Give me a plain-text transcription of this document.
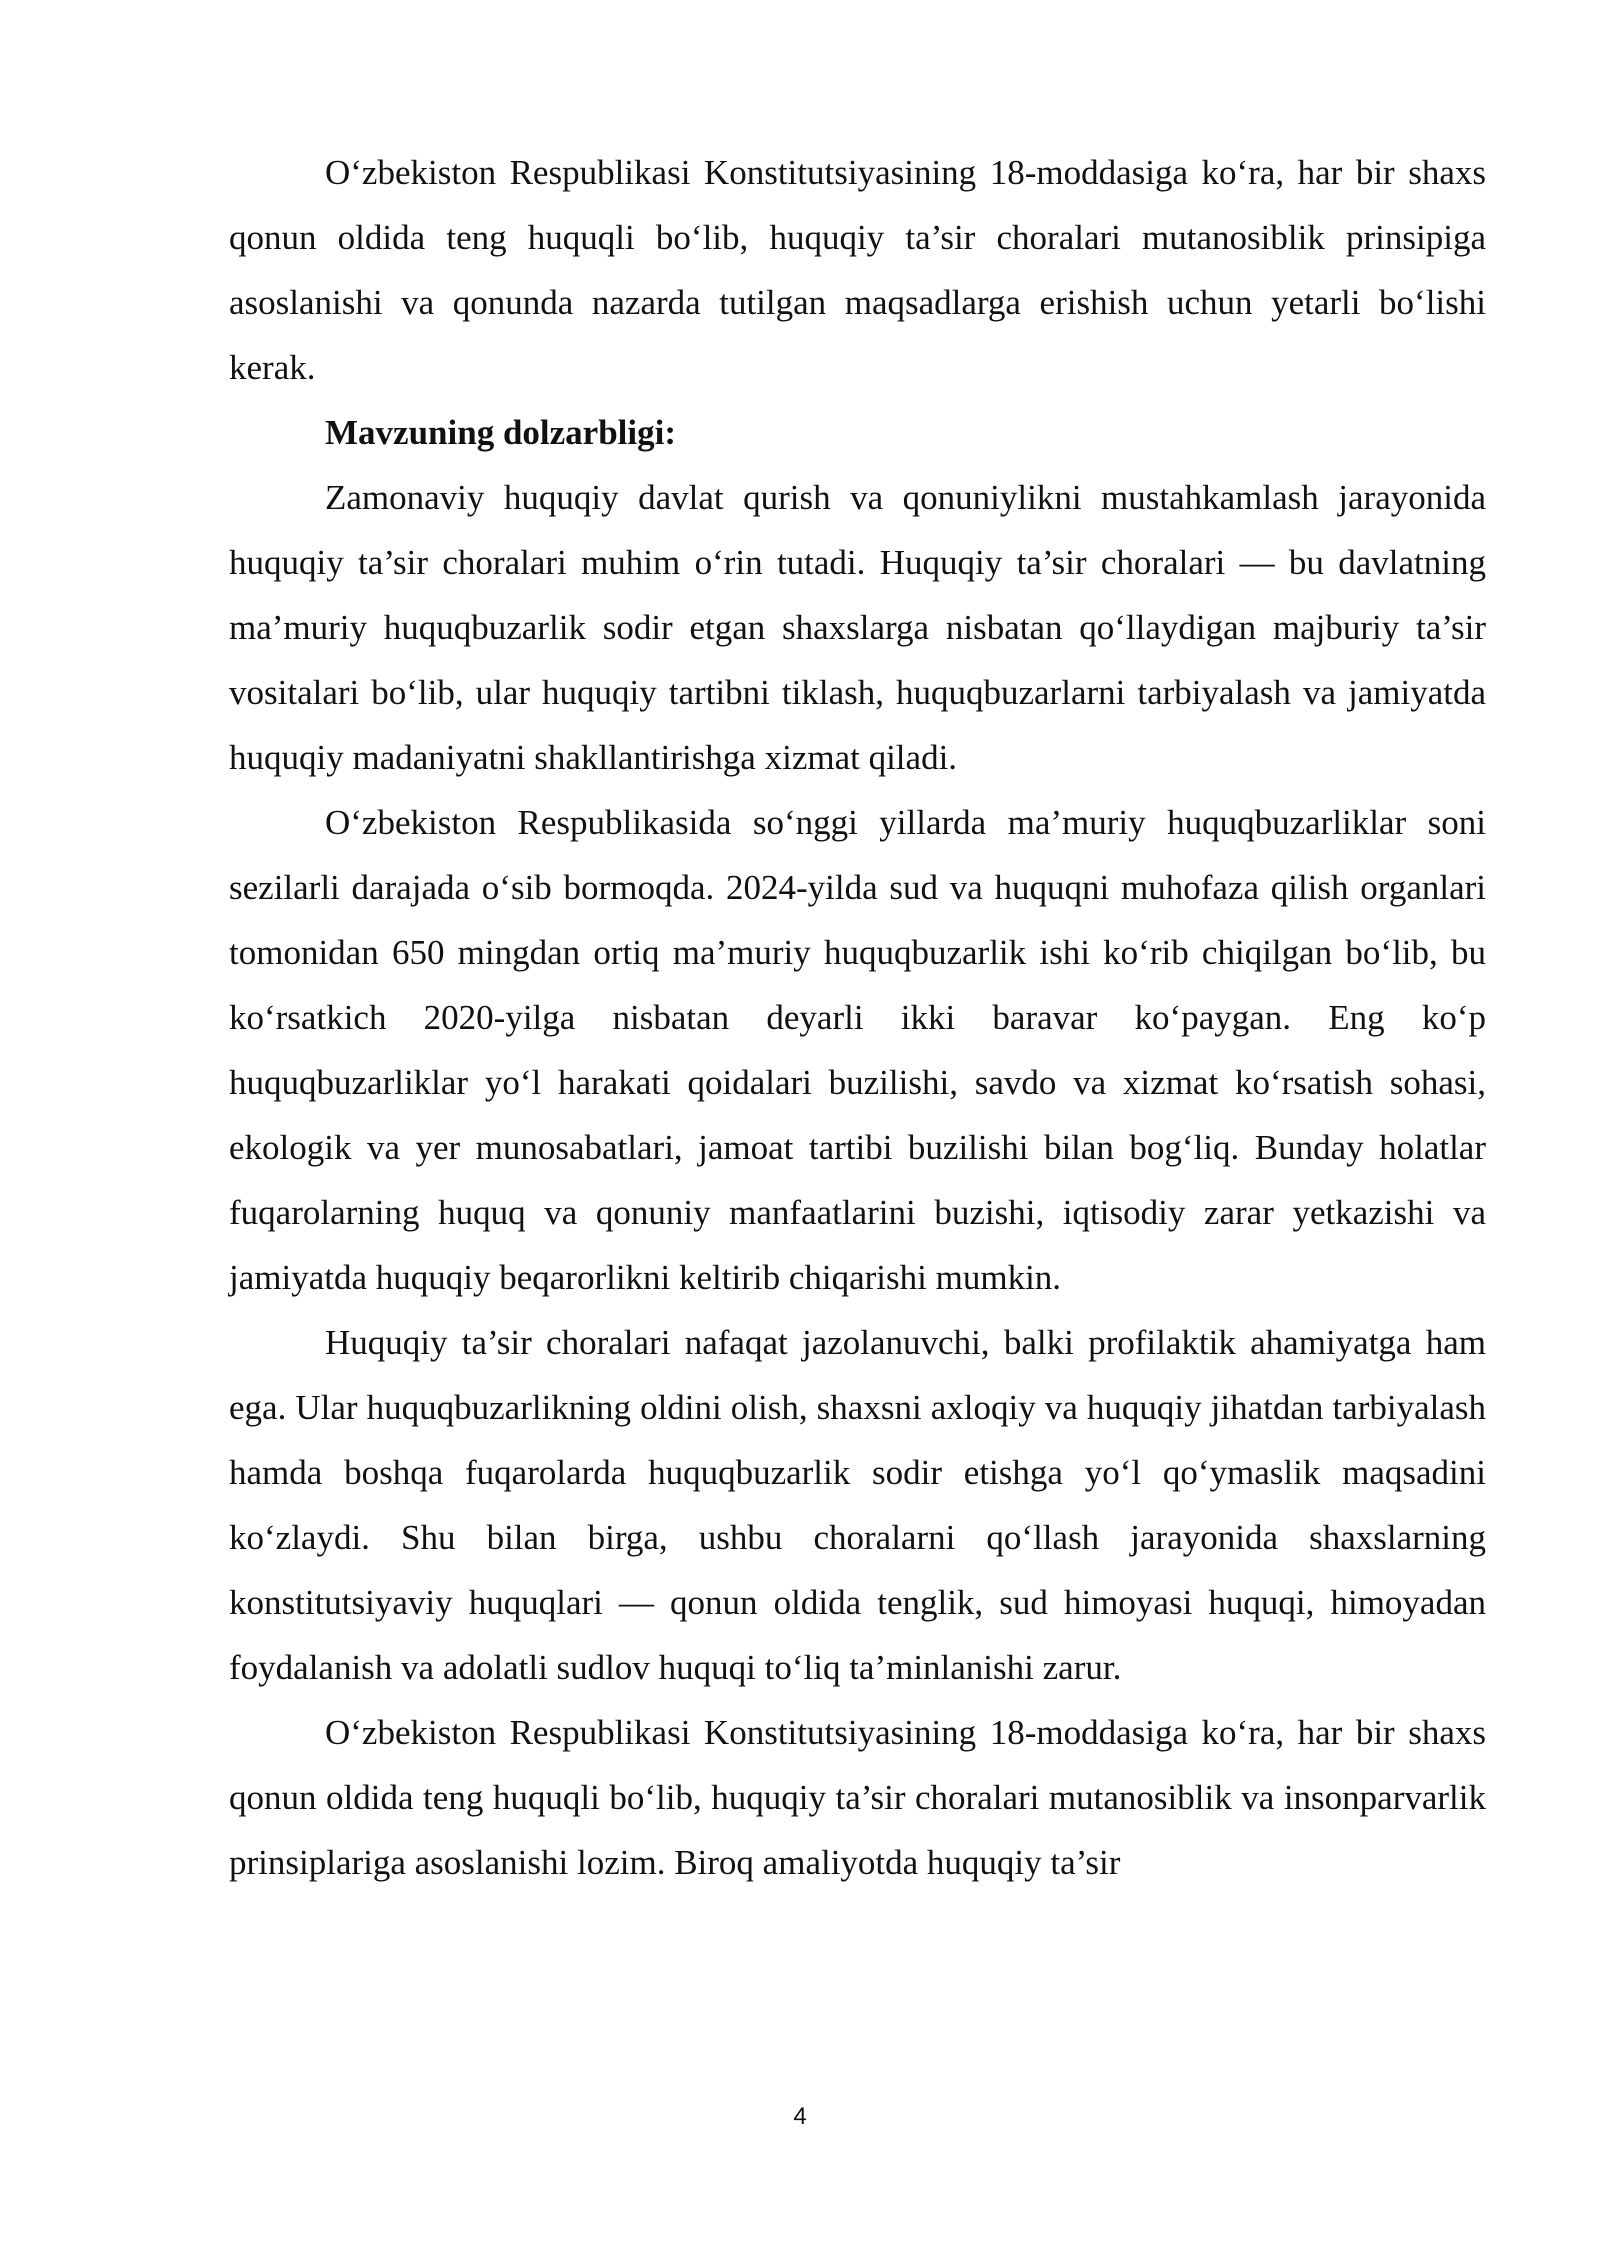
Oʻzbekiston Respublikasi Konstitutsiyasining 18-moddasiga koʻra, har bir shaxs qonun oldida teng huquqli boʻlib, huquqiy ta’sir choralari mutanosiblik prinsipiga asoslanishi va qonunda nazarda tutilgan maqsadlarga erishish uchun yetarli boʻlishi kerak.

Mavzuning dolzarbligi:

Zamonaviy huquqiy davlat qurish va qonuniylikni mustahkamlash jarayonida huquqiy ta’sir choralari muhim oʻrin tutadi. Huquqiy ta’sir choralari — bu davlatning ma’muriy huquqbuzarlik sodir etgan shaxslarga nisbatan qoʻllaydigan majburiy ta’sir vositalari boʻlib, ular huquqiy tartibni tiklash, huquqbuzarlarni tarbiyalash va jamiyatda huquqiy madaniyatni shakllantirishga xizmat qiladi.

Oʻzbekiston Respublikasida soʻnggi yillarda ma’muriy huquqbuzarliklar soni sezilarli darajada oʻsib bormoqda. 2024-yilda sud va huquqni muhofaza qilish organlari tomonidan 650 mingdan ortiq ma’muriy huquqbuzarlik ishi koʻrib chiqilgan boʻlib, bu koʻrsatkich 2020-yilga nisbatan deyarli ikki baravar koʻpaygan. Eng koʻp huquqbuzarliklar yoʻl harakati qoidalari buzilishi, savdo va xizmat koʻrsatish sohasi, ekologik va yer munosabatlari, jamoat tartibi buzilishi bilan bogʻliq. Bunday holatlar fuqarolarning huquq va qonuniy manfaatlarini buzishi, iqtisodiy zarar yetkazishi va jamiyatda huquqiy beqarorlikni keltirib chiqarishi mumkin.

Huquqiy ta’sir choralari nafaqat jazolanuvchi, balki profilaktik ahamiyatga ham ega. Ular huquqbuzarlikning oldini olish, shaxsni axloqiy va huquqiy jihatdan tarbiyalash hamda boshqa fuqarolarda huquqbuzarlik sodir etishga yoʻl qoʻymaslik maqsadini koʻzlaydi. Shu bilan birga, ushbu choralarni qoʻllash jarayonida shaxslarning konstitutsiyaviy huquqlari — qonun oldida tenglik, sud himoyasi huquqi, himoyadan foydalanish va adolatli sudlov huquqi toʻliq ta’minlanishi zarur.

Oʻzbekiston Respublikasi Konstitutsiyasining 18-moddasiga koʻra, har bir shaxs qonun oldida teng huquqli boʻlib, huquqiy ta’sir choralari mutanosiblik va insonparvarlik prinsiplariga asoslanishi lozim. Biroq amaliyotda huquqiy ta’sir

4
